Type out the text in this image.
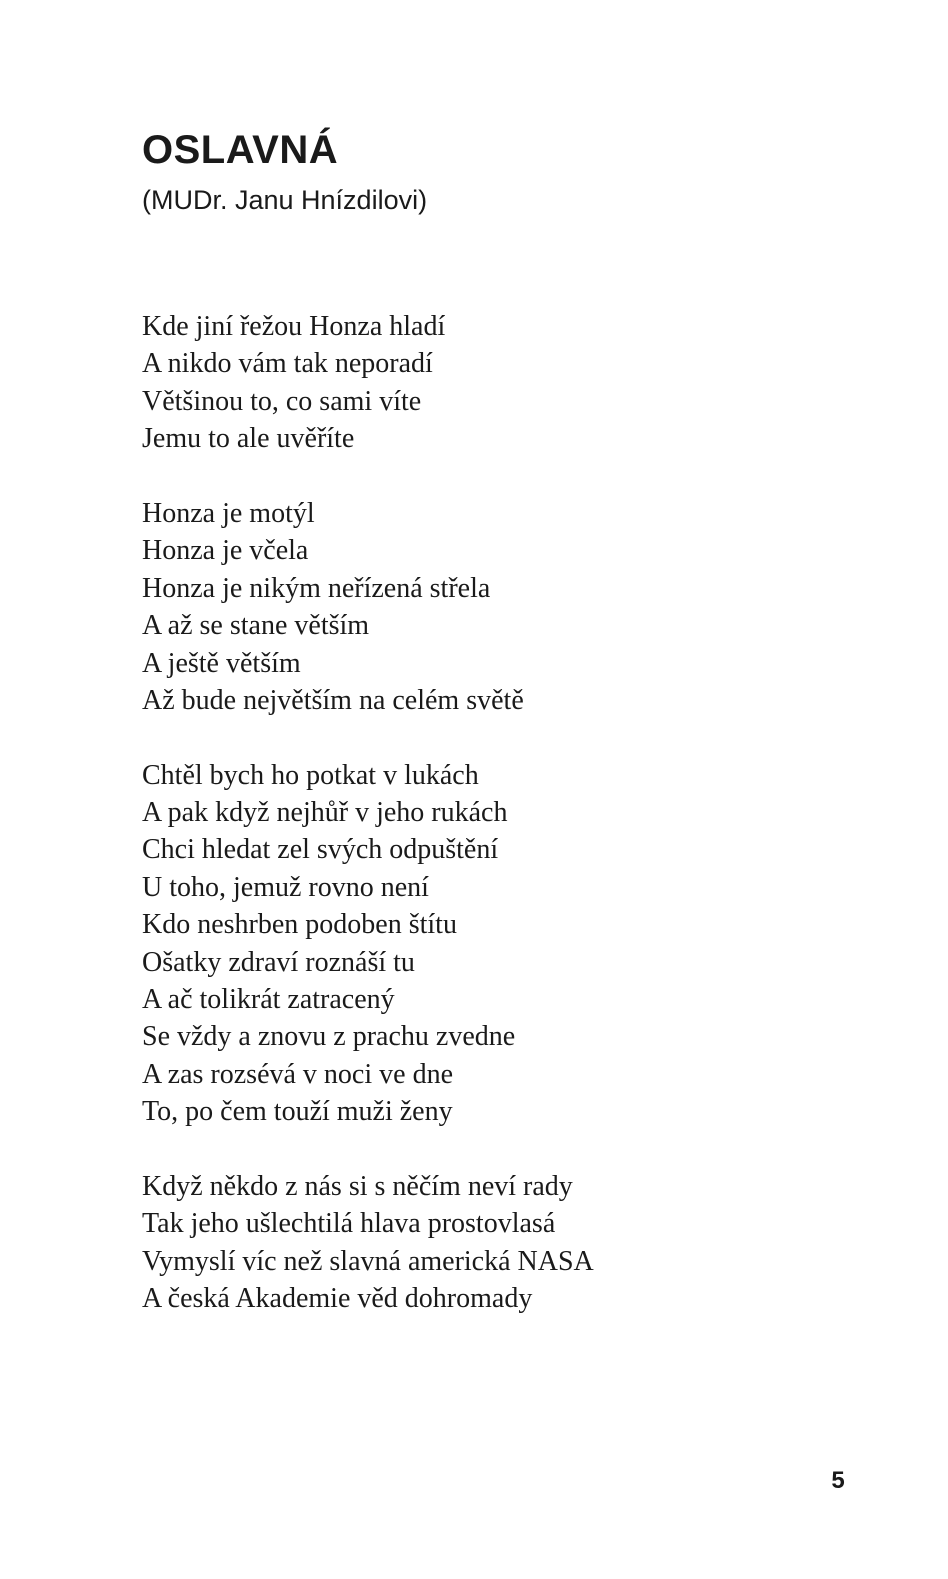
OSLAVNÁ
(MUDr. Janu Hnízdilovi)
Kde jiní řežou Honza hladí
A nikdo vám tak neporadí
Většinou to, co sami víte
Jemu to ale uvěříte
Honza je motýl
Honza je včela
Honza je nikým neřízená střela
A až se stane větším
A ještě větším
Až bude největším na celém světě
Chtěl bych ho potkat v lukách
A pak když nejhůř v jeho rukách
Chci hledat zel svých odpuštění
U toho, jemuž rovno není
Kdo neshrben podoben štítu
Ošatky zdraví roznáší tu
A ač tolikrát zatracený
Se vždy a znovu z prachu zvedne
A zas rozsévá v noci ve dne
To, po čem touží muži ženy
Když někdo z nás si s něčím neví rady
Tak jeho ušlechtilá hlava prostovlasá
Vymyslí víc než slavná americká NASA
A česká Akademie věd dohromady
5
